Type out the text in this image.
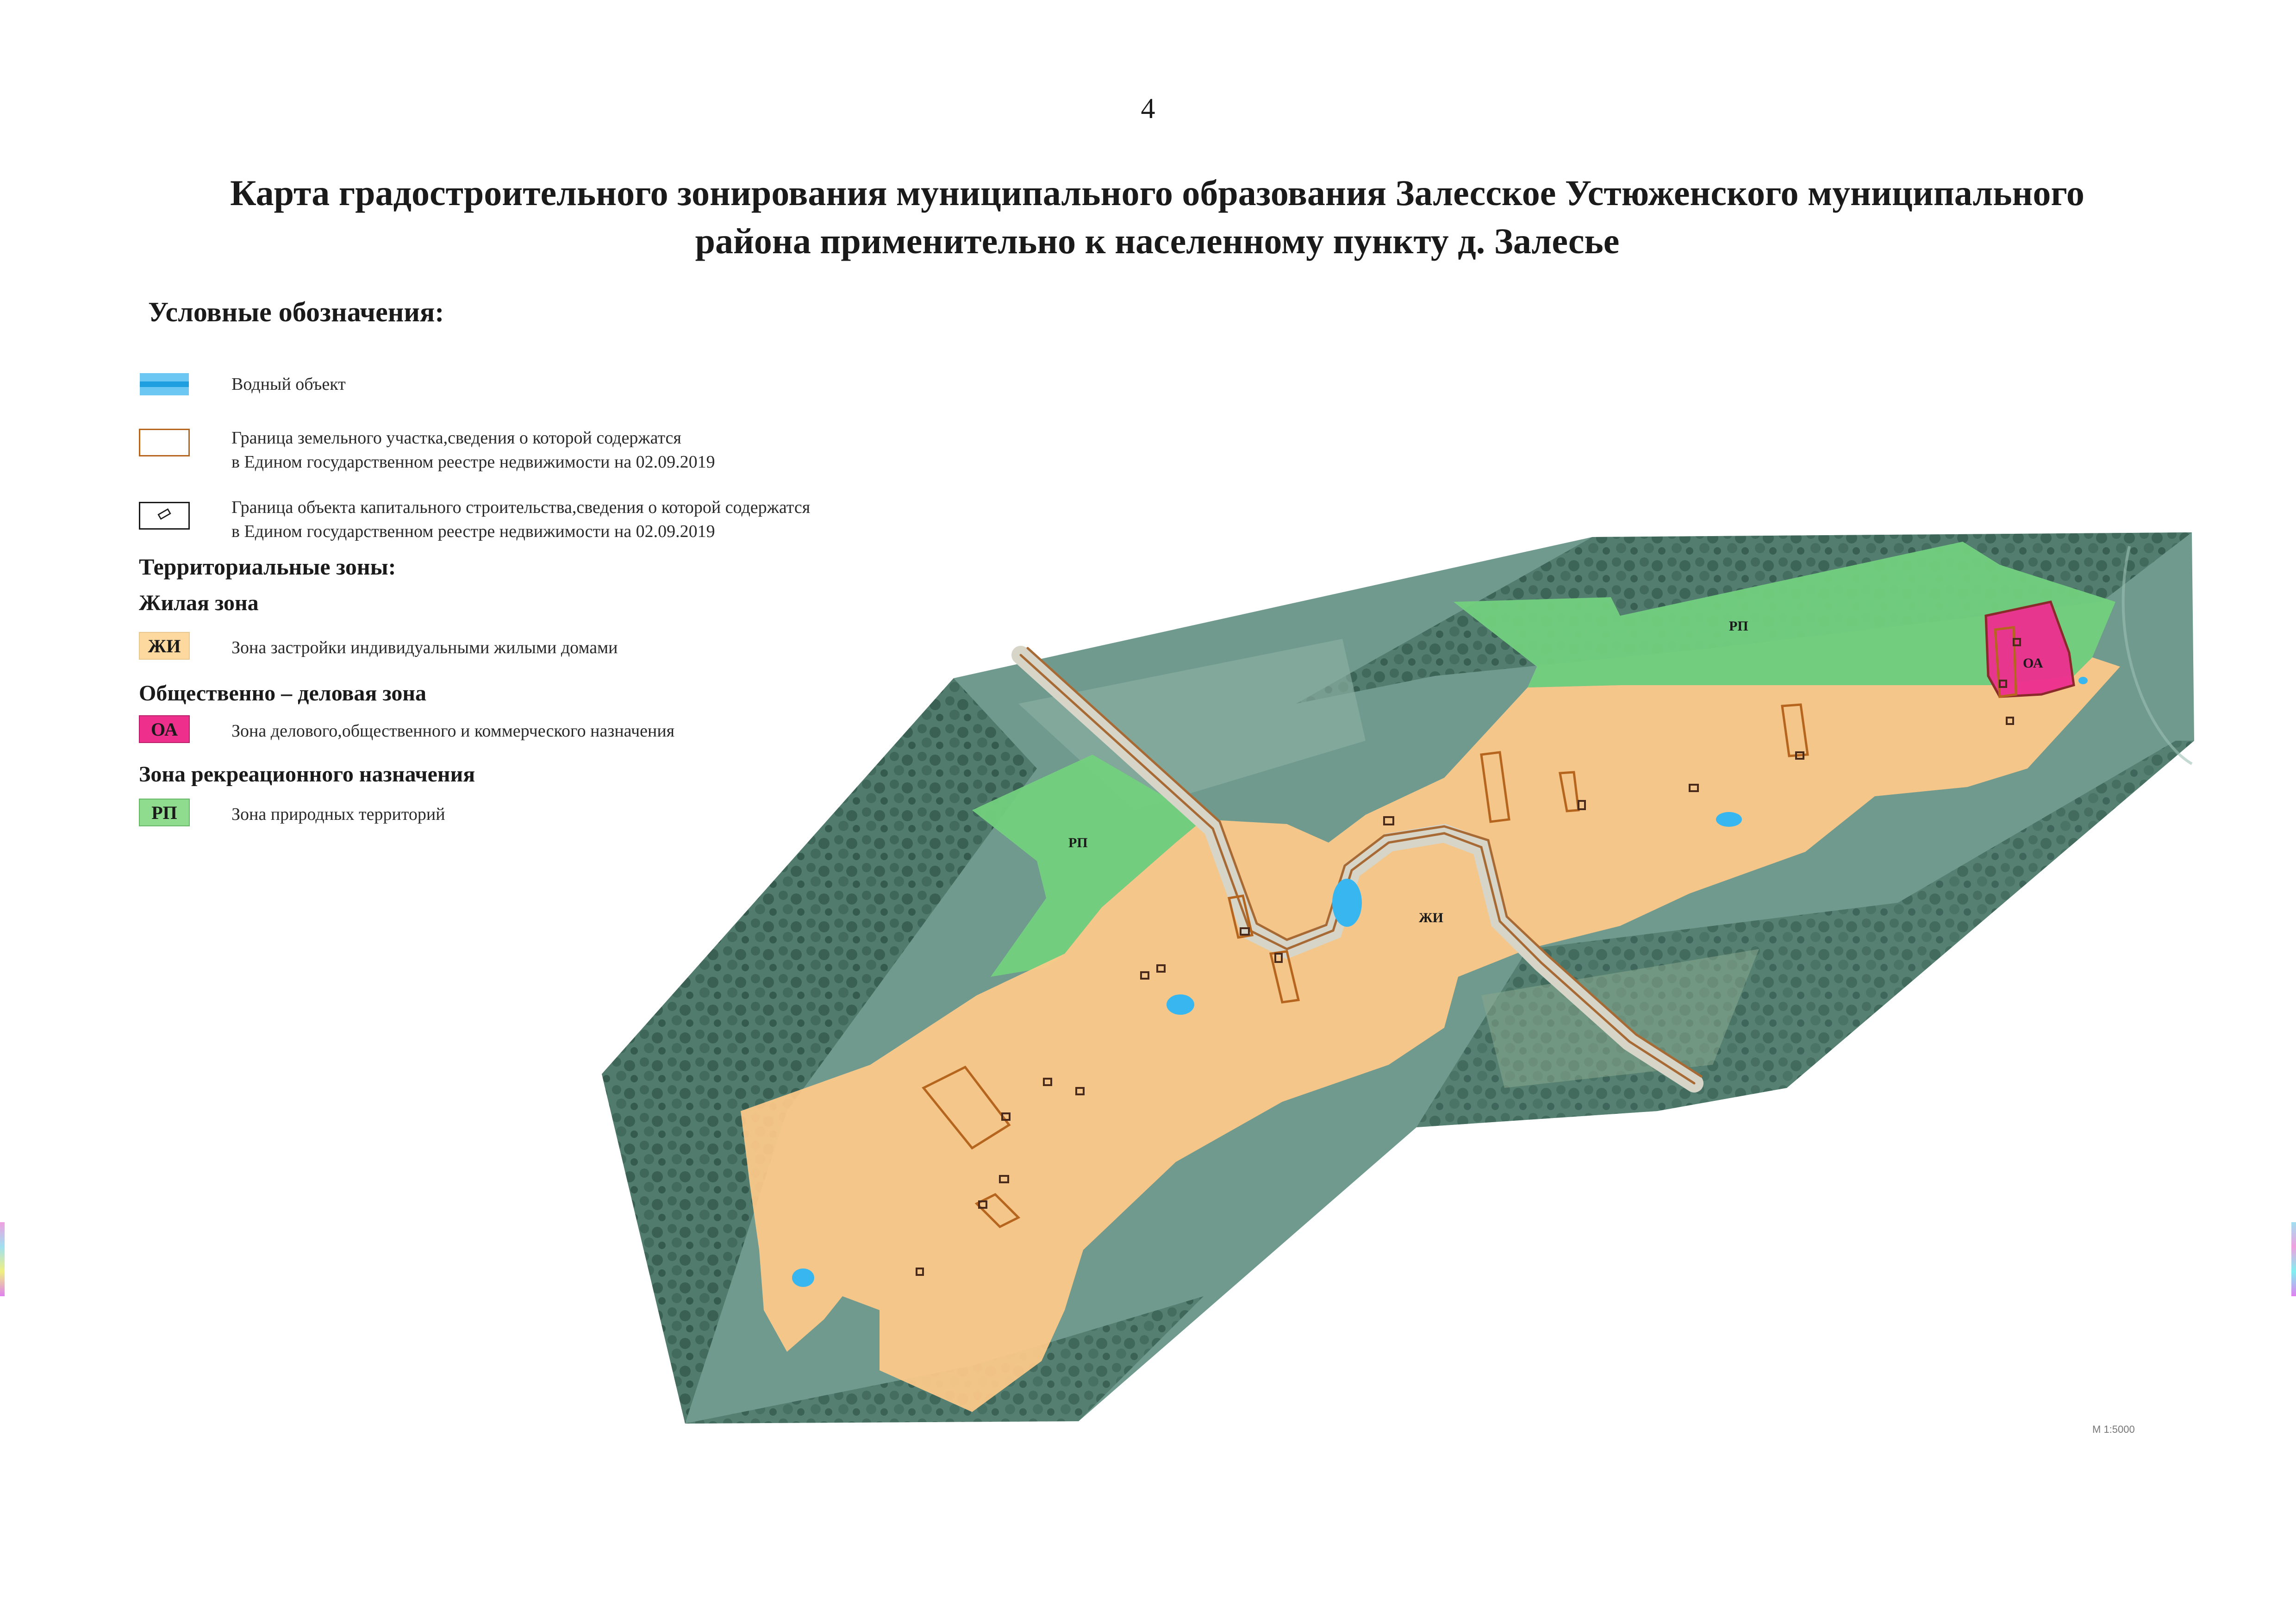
4
Карта градостроительного зонирования муниципального образования Залесское Устюженского муниципального
района применительно к населенному пункту д. Залесье
РП
РП
ЖИ
ОА
М 1:5000
Условные обозначения:
Водный объект
Граница земельного участка,сведения о которой содержатся
в Едином государственном реестре недвижимости на 02.09.2019
Граница объекта капитального строительства,сведения о которой содержатся
в Едином государственном реестре недвижимости на 02.09.2019
Территориальные зоны:
Жилая зона
ЖИ	Зона застройки индивидуальными жилыми домами
Общественно – деловая зона
ОА	Зона делового,общественного и коммерческого назначения
Зона рекреационного назначения
РП	Зона природных территорий
